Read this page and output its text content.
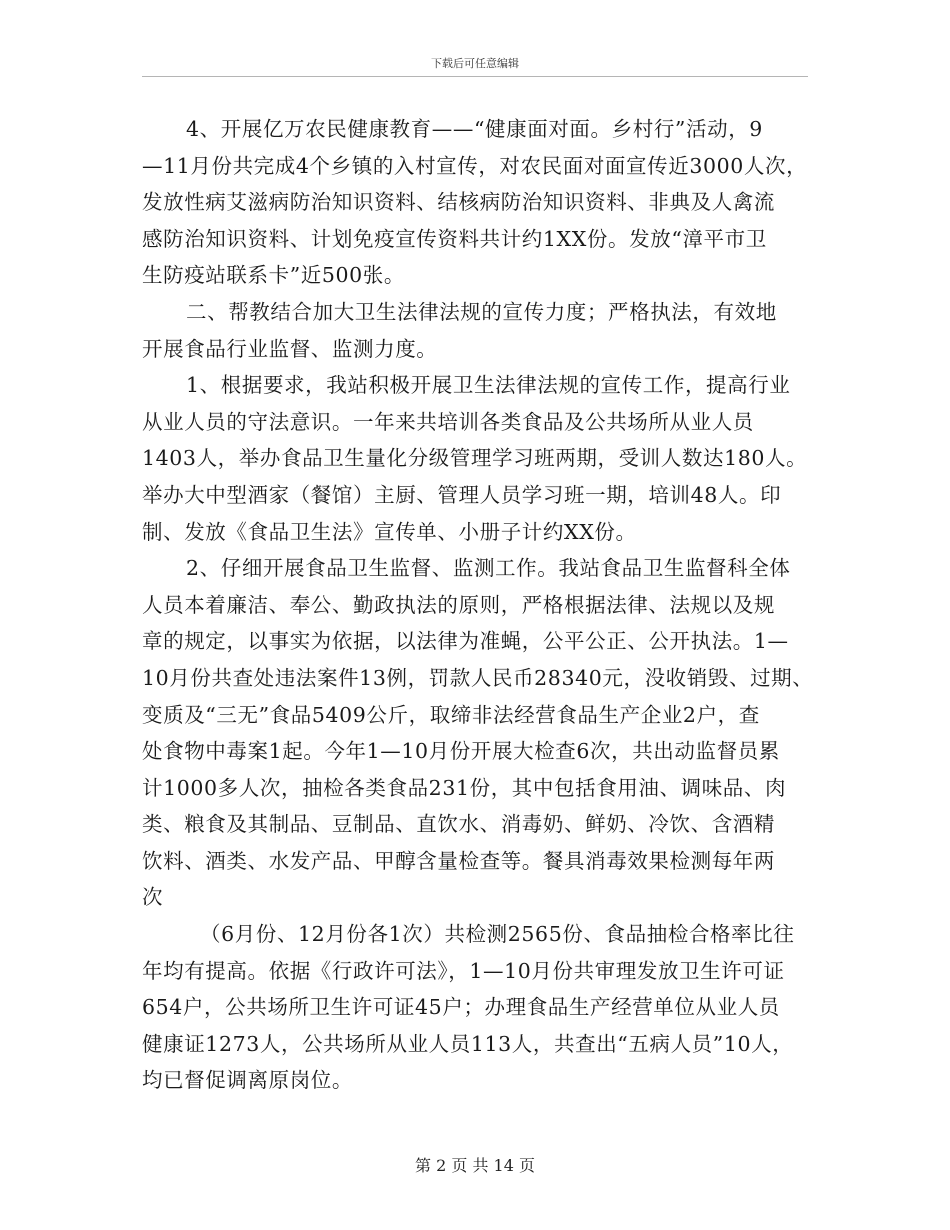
下载后可任意编辑

4、开展亿万农民健康教育——“健康面对面。乡村行”活动，9
—11月份共完成4个乡镇的入村宣传，对农民面对面宣传近3000人次，
发放性病艾滋病防治知识资料、结核病防治知识资料、非典及人禽流
感防治知识资料、计划免疫宣传资料共计约1XX份。发放“漳平市卫
生防疫站联系卡”近500张。

二、帮教结合加大卫生法律法规的宣传力度；严格执法，有效地
开展食品行业监督、监测力度。

1、根据要求，我站积极开展卫生法律法规的宣传工作，提高行业
从业人员的守法意识。一年来共培训各类食品及公共场所从业人员
1403人，举办食品卫生量化分级管理学习班两期，受训人数达180人。
举办大中型酒家（餐馆）主厨、管理人员学习班一期，培训48人。印
制、发放《食品卫生法》宣传单、小册子计约XX份。

2、仔细开展食品卫生监督、监测工作。我站食品卫生监督科全体
人员本着廉洁、奉公、勤政执法的原则，严格根据法律、法规以及规
章的规定，以事实为依据，以法律为准蝇，公平公正、公开执法。1—
10月份共查处违法案件13例，罚款人民币28340元，没收销毁、过期、
变质及“三无”食品5409公斤，取缔非法经营食品生产企业2户，查
处食物中毒案1起。今年1—10月份开展大检查6次，共出动监督员累
计1000多人次，抽检各类食品231份，其中包括食用油、调味品、肉
类、粮食及其制品、豆制品、直饮水、消毒奶、鲜奶、冷饮、含酒精
饮料、酒类、水发产品、甲醇含量检查等。餐具消毒效果检测每年两
次

（6月份、12月份各1次）共检测2565份、食品抽检合格率比往
年均有提高。依据《行政许可法》，1—10月份共审理发放卫生许可证
654户，公共场所卫生许可证45户；办理食品生产经营单位从业人员
健康证1273人，公共场所从业人员113人，共查出“五病人员”10人，
均已督促调离原岗位。

第 2 页 共 14 页
